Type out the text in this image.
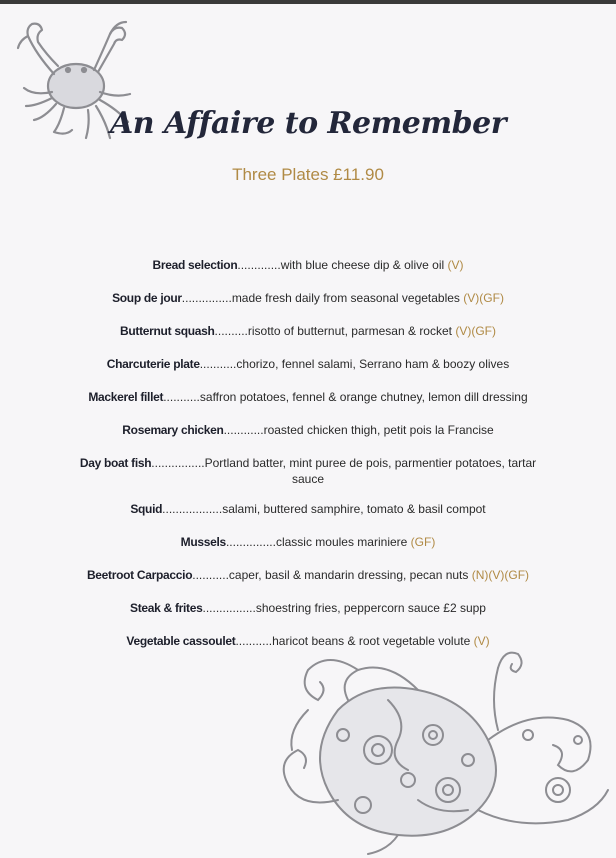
An Affaire to Remember
Three Plates £11.90
Bread selection.............with blue cheese dip & olive oil (V)
Soup de jour...............made fresh daily from seasonal vegetables (V)(GF)
Butternut squash..........risotto of butternut, parmesan & rocket (V)(GF)
Charcuterie plate...........chorizo, fennel salami, Serrano ham & boozy olives
Mackerel fillet...........saffron potatoes, fennel & orange chutney, lemon dill dressing
Rosemary chicken............roasted chicken thigh, petit pois la Francise
Day boat fish................Portland batter, mint puree de pois, parmentier potatoes, tartar sauce
Squid..................salami, buttered samphire, tomato & basil compot
Mussels...............classic moules mariniere (GF)
Beetroot Carpaccio...........caper, basil & mandarin dressing, pecan nuts (N)(V)(GF)
Steak & frites................shoestring fries, peppercorn sauce £2 supp
Vegetable cassoulet...........haricot beans & root vegetable volute (V)
